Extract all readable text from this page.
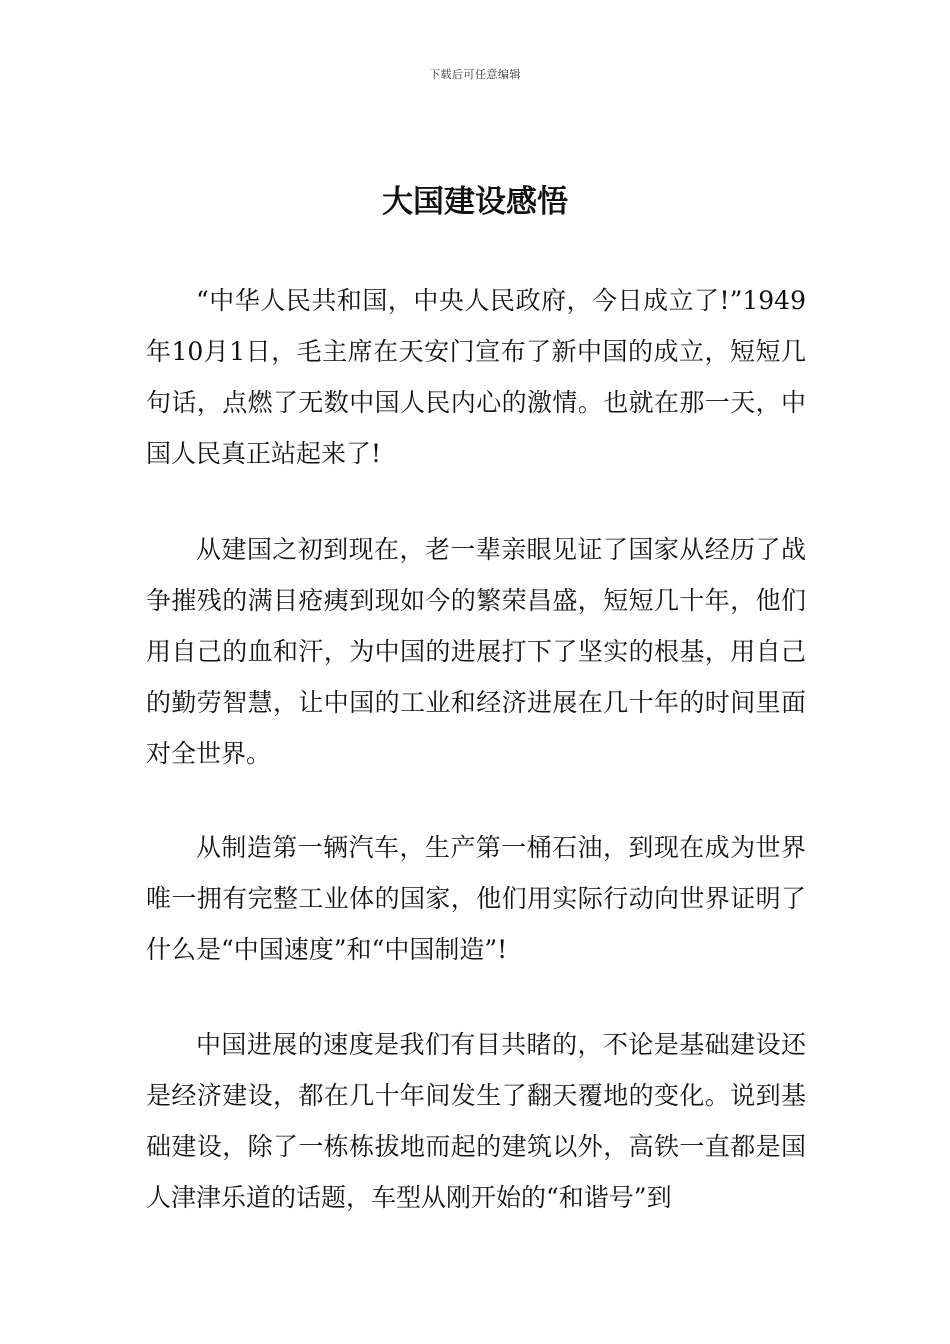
下载后可任意编辑
大国建设感悟

“中华人民共和国，中央人民政府，今日成立了!”1949年10月1日，毛主席在天安门宣布了新中国的成立，短短几句话，点燃了无数中国人民内心的激情。也就在那一天，中国人民真正站起来了!

从建国之初到现在，老一辈亲眼见证了国家从经历了战争摧残的满目疮痍到现如今的繁荣昌盛，短短几十年，他们用自己的血和汗，为中国的进展打下了坚实的根基，用自己的勤劳智慧，让中国的工业和经济进展在几十年的时间里面对全世界。

从制造第一辆汽车，生产第一桶石油，到现在成为世界唯一拥有完整工业体的国家，他们用实际行动向世界证明了什么是“中国速度”和“中国制造”!

中国进展的速度是我们有目共睹的，不论是基础建设还是经济建设，都在几十年间发生了翻天覆地的变化。说到基础建设，除了一栋栋拔地而起的建筑以外，高铁一直都是国人津津乐道的话题，车型从刚开始的“和谐号”到
